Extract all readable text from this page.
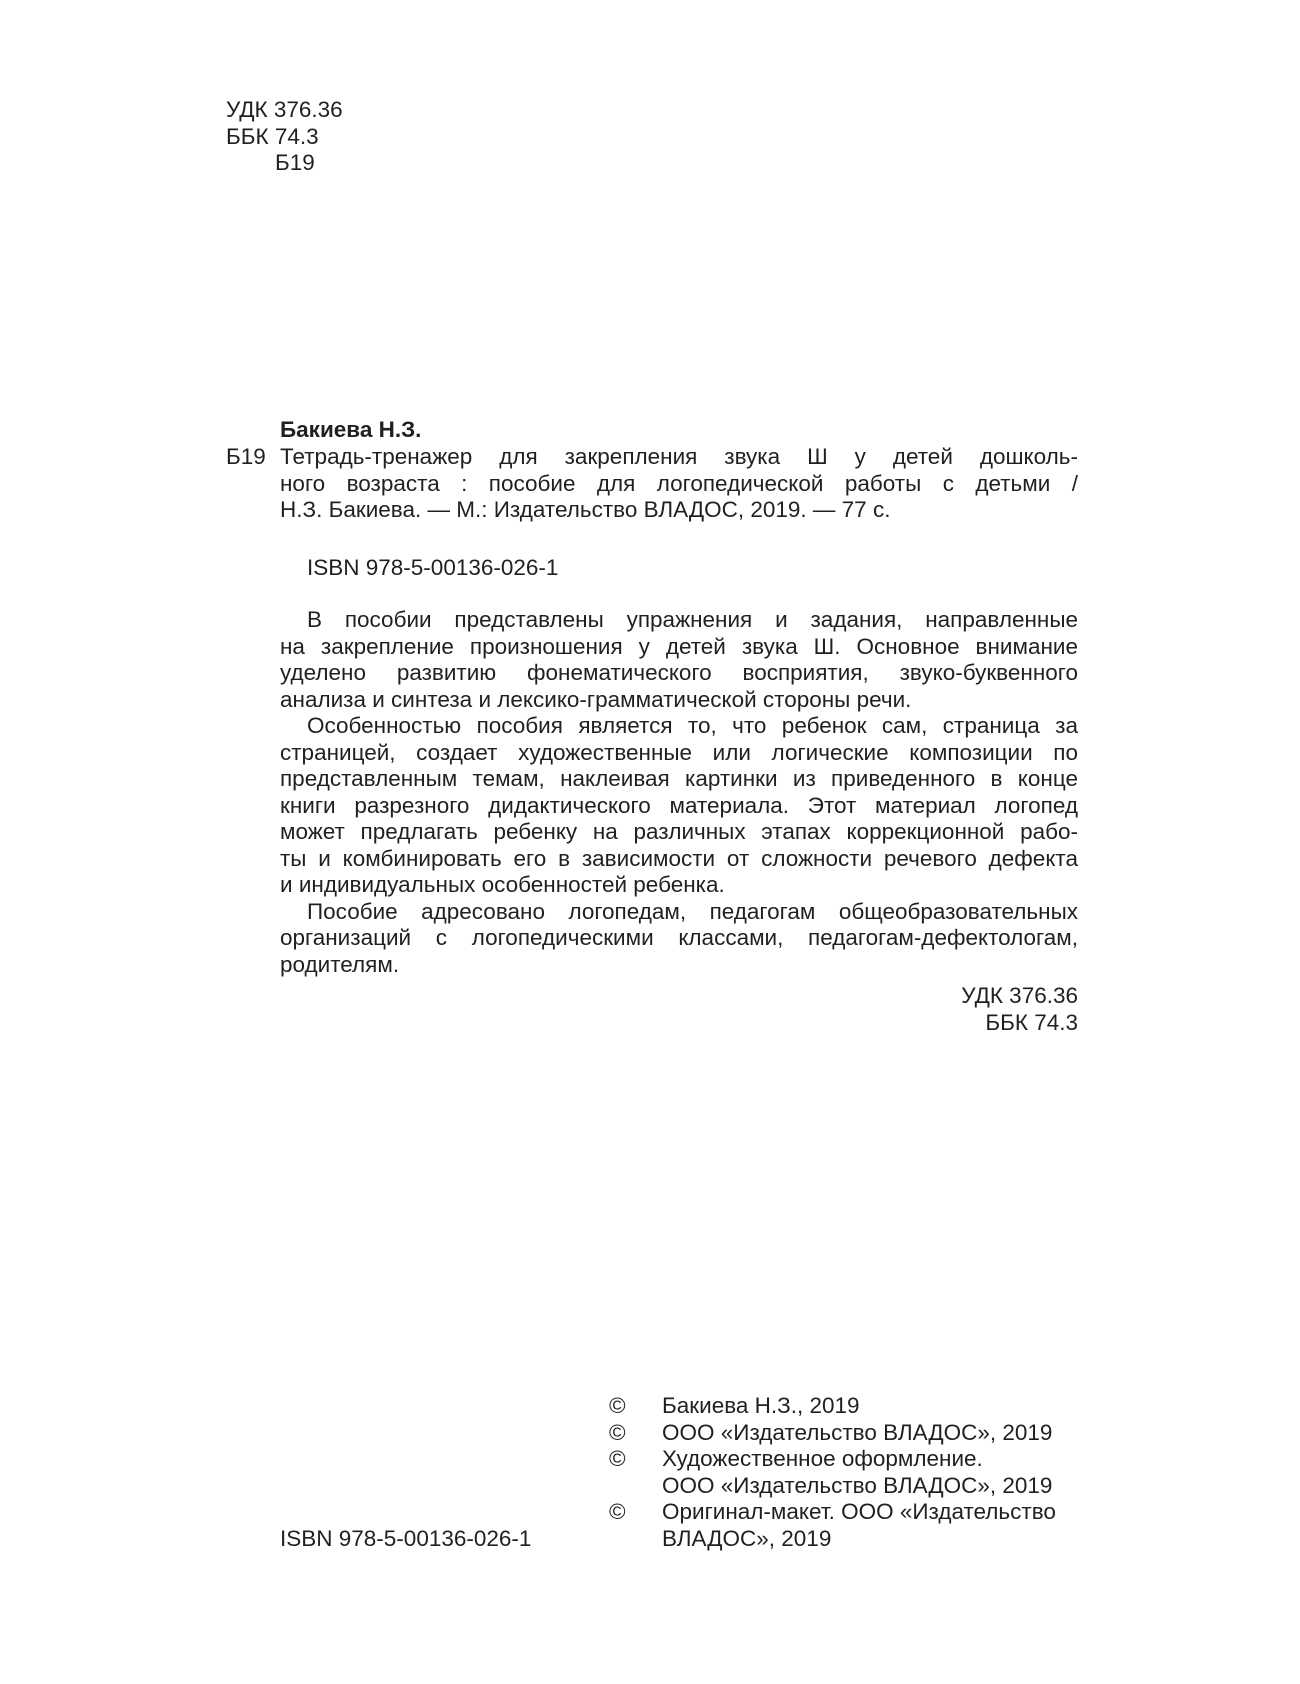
УДК 376.36
ББК 74.3
Б19
Бакиева Н.З.
Б19 Тетрадь-тренажер для закрепления звука Ш у детей дошколь-
ного возраста : пособие для логопедической работы с детьми /
Н.З. Бакиева. — М.: Издательство ВЛАДОС, 2019. — 77 с.
ISBN 978-5-00136-026-1
В пособии представлены упражнения и задания, направленные
на закрепление произношения у детей звука Ш. Основное внимание
уделено развитию фонематического восприятия, звуко-буквенного
анализа и синтеза и лексико-грамматической стороны речи.
Особенностью пособия является то, что ребенок сам, страница за
страницей, создает художественные или логические композиции по
представленным темам, наклеивая картинки из приведенного в конце
книги разрезного дидактического материала. Этот материал логопед
может предлагать ребенку на различных этапах коррекционной рабо-
ты и комбинировать его в зависимости от сложности речевого дефекта
и индивидуальных особенностей ребенка.
Пособие адресовано логопедам, педагогам общеобразовательных
организаций с логопедическими классами, педагогам-дефектологам,
родителям.
УДК 376.36
ББК 74.3
© Бакиева Н.З., 2019
© ООО «Издательство ВЛАДОС», 2019
© Художественное оформление.
ООО «Издательство ВЛАДОС», 2019
© Оригинал-макет. ООО «Издательство
ВЛАДОС», 2019
ISBN 978-5-00136-026-1
